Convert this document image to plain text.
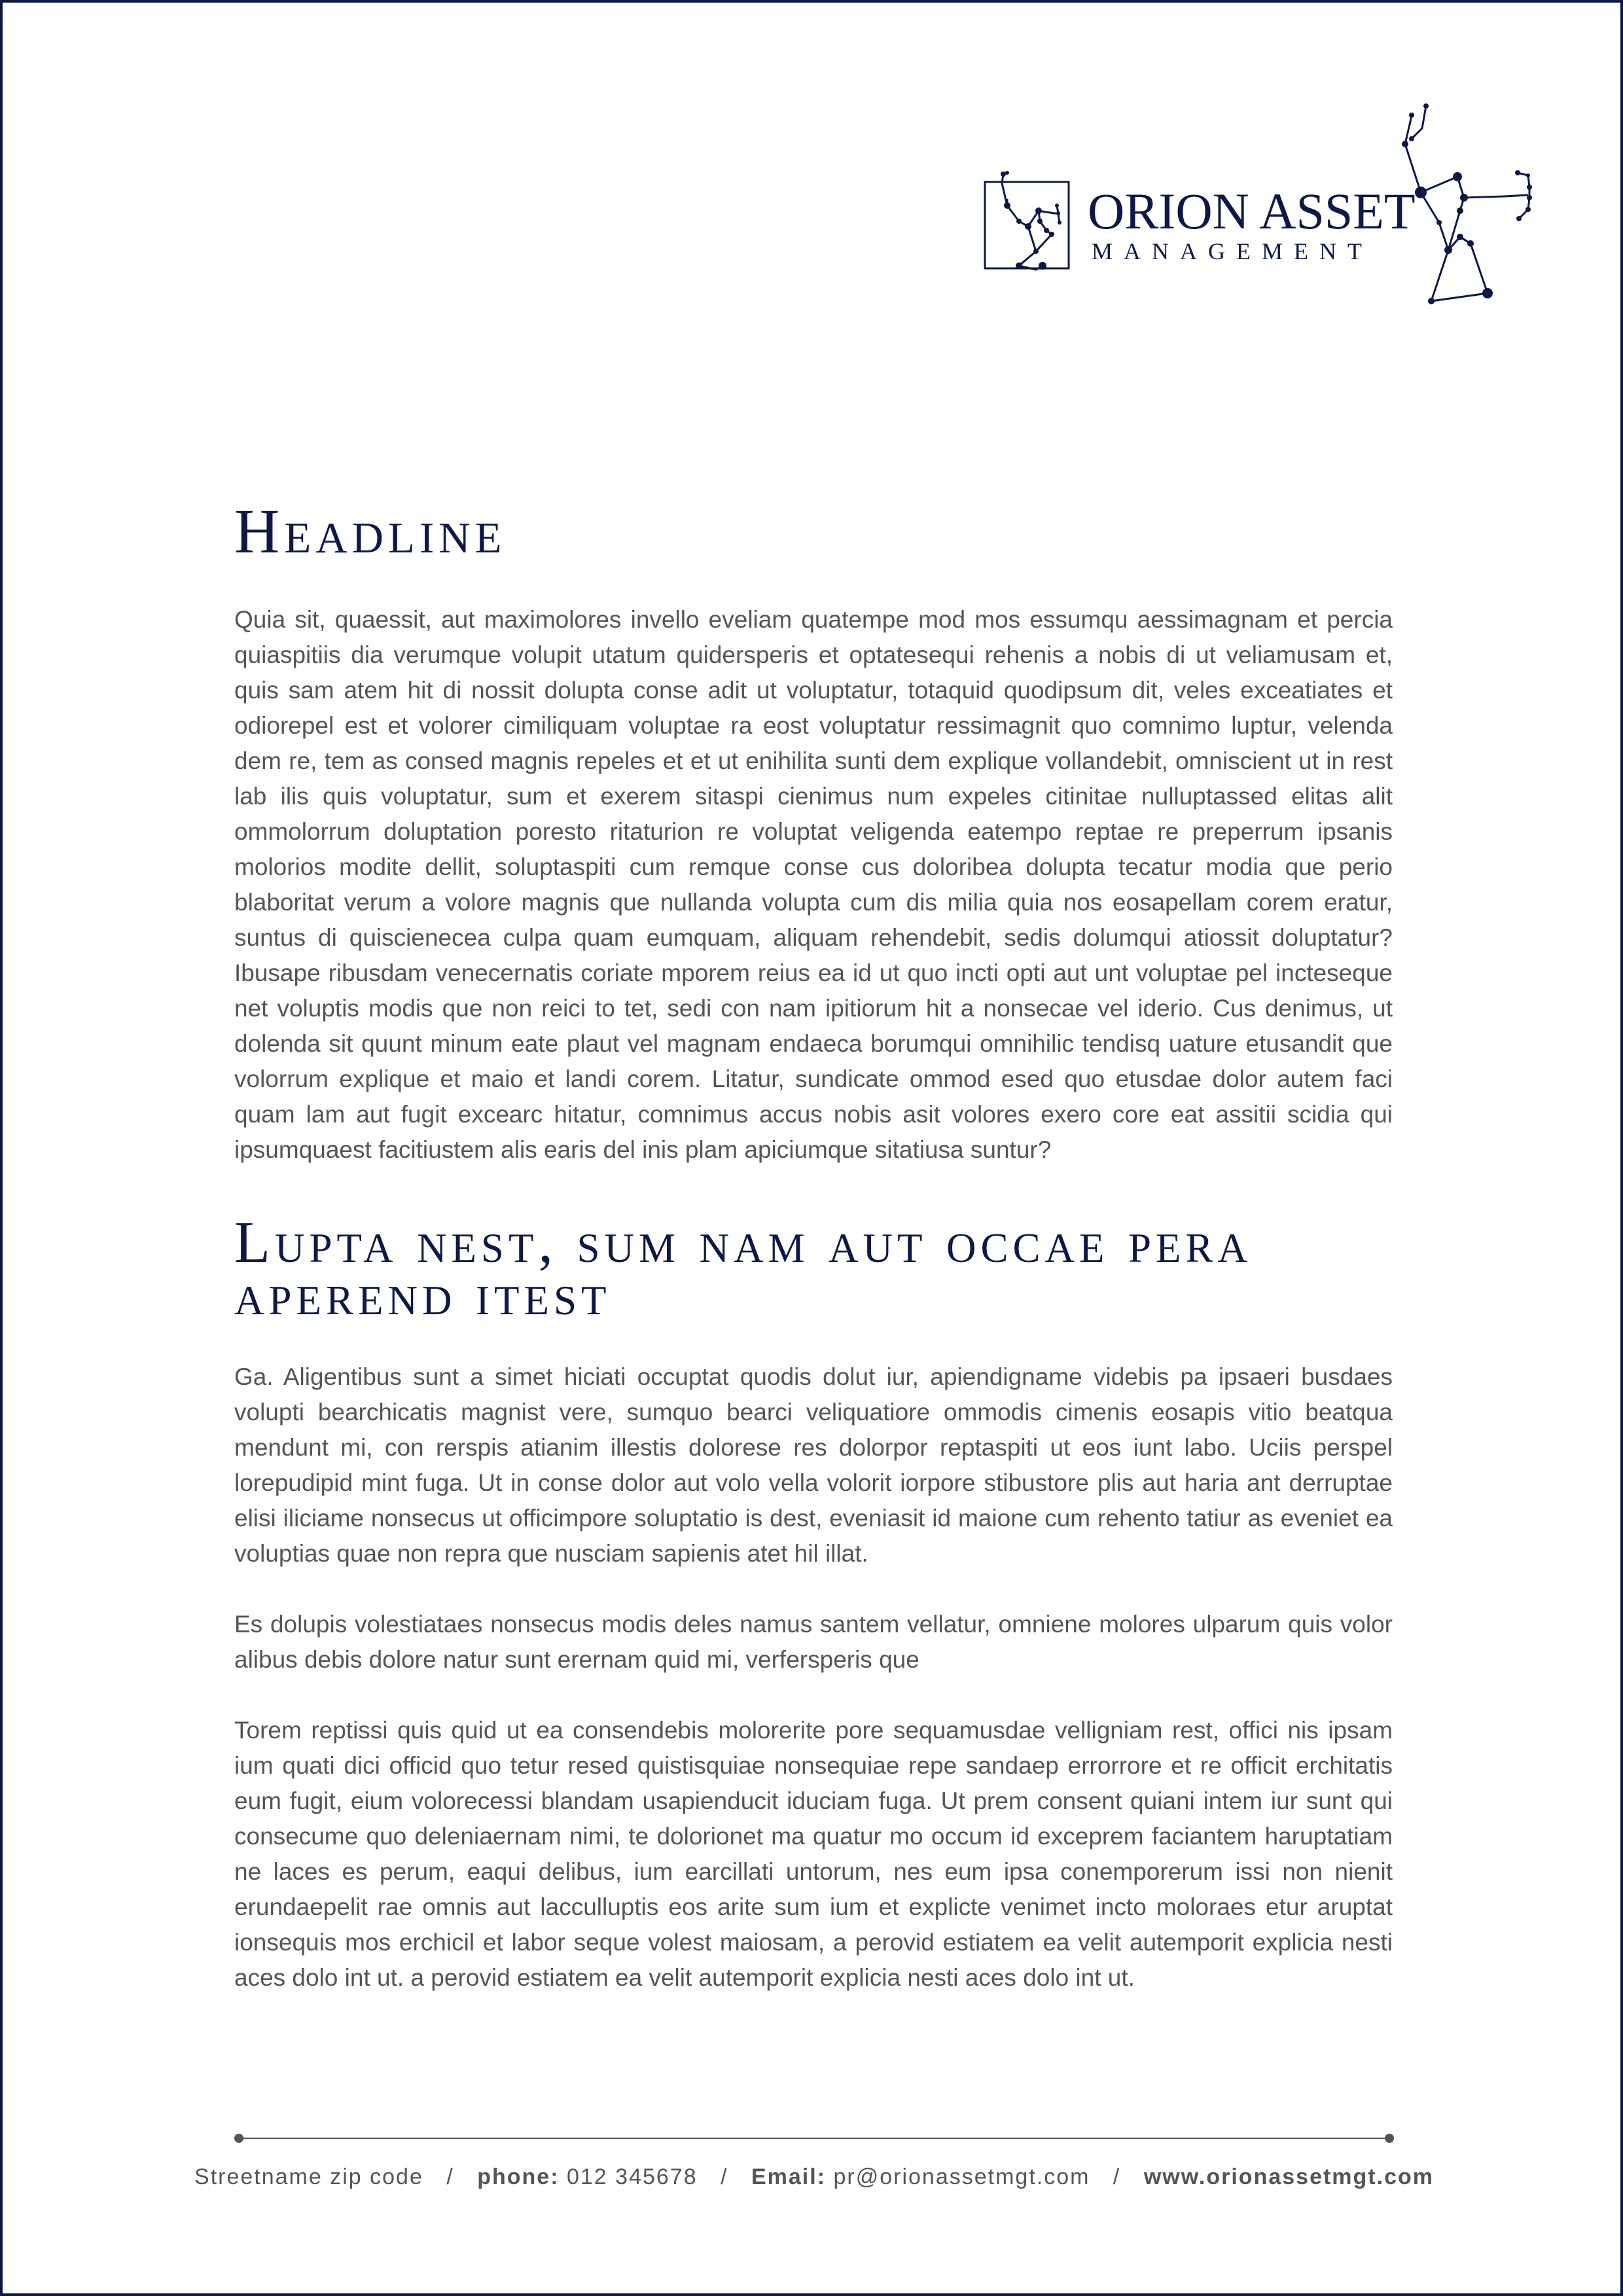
ORION ASSET

MANAGEMENT

Headline

Quia sit, quaessit, aut maximolores invello eveliam quatempe mod mos essumqu aessimagnam et percia quiaspitiis dia verumque volupit utatum quidersperis et optatesequi rehenis a nobis di ut veliamusam et, quis sam atem hit di nossit dolupta conse adit ut voluptatur, totaquid quodipsum dit, veles exceatiates et odiorepel est et volorer cimiliquam voluptae ra eost voluptatur ressimagnit quo comnimo luptur, velenda dem re, tem as consed magnis repeles et et ut enihilita sunti dem explique vollandebit, omniscient ut in rest lab ilis quis voluptatur, sum et exerem sitaspi cienimus num expeles citinitae nulluptassed elitas alit ommolorrum doluptation poresto ritaturion re voluptat veligenda eatempo reptae re preperrum ipsanis molorios modite dellit, soluptaspiti cum remque conse cus doloribea dolupta tecatur modia que perio blaboritat verum a volore magnis que nullanda volupta cum dis milia quia nos eosapellam corem eratur, suntus di quiscienecea culpa quam eumquam, aliquam rehendebit, sedis dolumqui atiossit doluptatur? Ibusape ribusdam venecernatis coriate mporem reius ea id ut quo incti opti aut unt voluptae pel incteseque net voluptis modis que non reici to tet, sedi con nam ipitiorum hit a nonsecae vel iderio. Cus denimus, ut dolenda sit quunt minum eate plaut vel magnam endaeca borumqui omnihilic tendisq uature etusandit que volorrum explique et maio et landi corem. Litatur, sundicate ommod esed quo etusdae dolor autem faci quam lam aut fugit excearc hitatur, comnimus accus nobis asit volores exero core eat assitii scidia qui ipsumquaest facitiustem alis earis del inis plam apiciumque sitatiusa suntur?

Lupta nest, sum nam aut occae pera aperend itest

Ga. Aligentibus sunt a simet hiciati occuptat quodis dolut iur, apiendigname videbis pa ipsaeri busdaes volupti bearchicatis magnist vere, sumquo bearci veliquatiore ommodis cimenis eosapis vitio beatqua mendunt mi, con rerspis atianim illestis dolorese res dolorpor reptaspiti ut eos iunt labo. Uciis perspel lorepudipid mint fuga. Ut in conse dolor aut volo vella volorit iorpore stibustore plis aut haria ant derruptae elisi iliciame nonsecus ut officimpore soluptatio is dest, eveniasit id maione cum rehento tatiur as eveniet ea voluptias quae non repra que nusciam sapienis atet hil illat.

Es dolupis volestiataes nonsecus modis deles namus santem vellatur, omniene molores ulparum quis volor alibus debis dolore natur sunt erernam quid mi, verfersperis que

Torem reptissi quis quid ut ea consendebis molorerite pore sequamusdae velligniam rest, offici nis ipsam ium quati dici officid quo tetur resed quistisquiae nonsequiae repe sandaep errorrore et re officit erchitatis eum fugit, eium volorecessi blandam usapienducit iduciam fuga. Ut prem consent quiani intem iur sunt qui consecume quo deleniaernam nimi, te dolorionet ma quatur mo occum id exceprem faciantem haruptatiam ne laces es perum, eaqui delibus, ium earcillati untorum, nes eum ipsa conemporerum issi non nienit erundaepelit rae omnis aut lacculluptis eos arite sum ium et explicte venimet incto moloraes etur aruptat ionsequis mos erchicil et labor seque volest maiosam, a perovid estiatem ea velit autemporit explicia nesti aces dolo int ut. a perovid estiatem ea velit autemporit explicia nesti aces dolo int ut.

Streetname zip code / phone: 012 345678 / Email: pr@orionassetmgt.com / www.orionassetmgt.com
